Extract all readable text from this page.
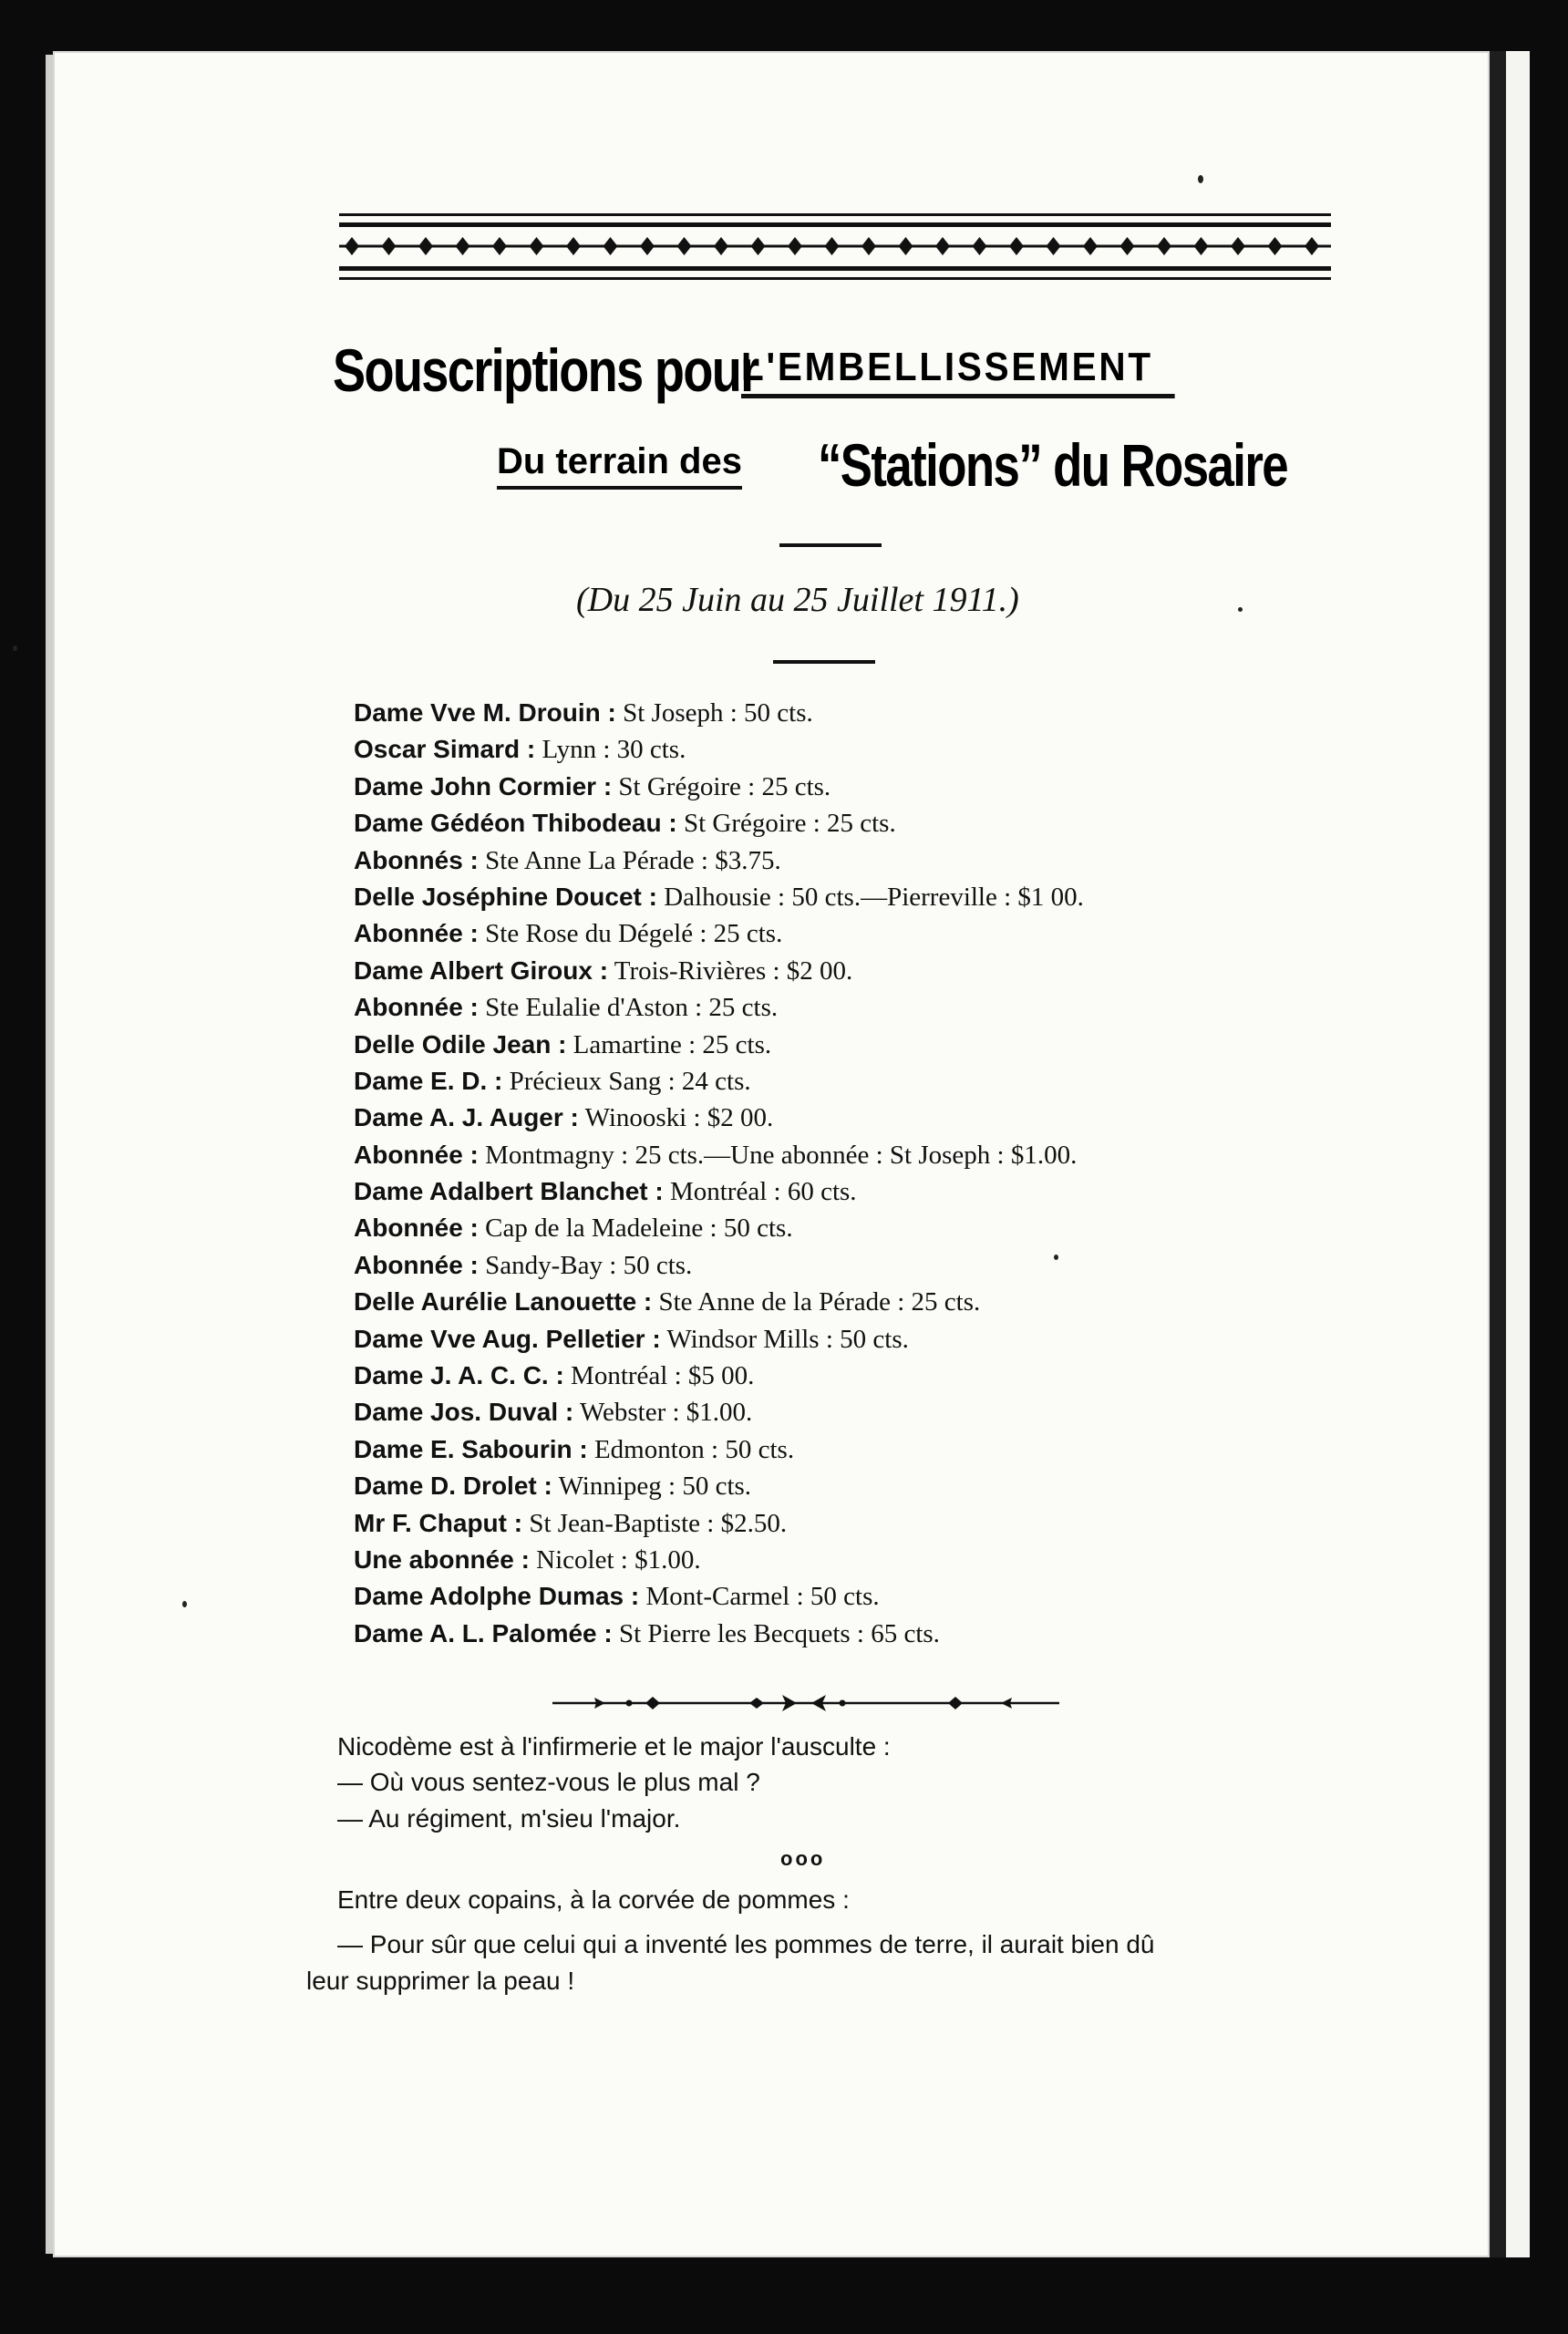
Souscriptions pour
L'EMBELLISSEMENT
Du terrain des “Stations” du Rosaire
(Du 25 Juin au 25 Juillet 1911.)
Dame Vve M. Drouin : St Joseph : 50 cts.
Oscar Simard : Lynn : 30 cts.
Dame John Cormier : St Grégoire : 25 cts.
Dame Gédéon Thibodeau : St Grégoire : 25 cts.
Abonnés : Ste Anne La Pérade : $3.75.
Delle Joséphine Doucet : Dalhousie : 50 cts.—Pierreville : $1 00.
Abonnée : Ste Rose du Dégelé : 25 cts.
Dame Albert Giroux : Trois-Rivières : $2 00.
Abonnée : Ste Eulalie d'Aston : 25 cts.
Delle Odile Jean : Lamartine : 25 cts.
Dame E. D. : Précieux Sang : 24 cts.
Dame A. J. Auger : Winooski : $2 00.
Abonnée : Montmagny : 25 cts.—Une abonnée : St Joseph : $1.00.
Dame Adalbert Blanchet : Montréal : 60 cts.
Abonnée : Cap de la Madeleine : 50 cts.
Abonnée : Sandy-Bay : 50 cts.
Delle Aurélie Lanouette : Ste Anne de la Pérade : 25 cts.
Dame Vve Aug. Pelletier : Windsor Mills : 50 cts.
Dame J. A. C. C. : Montréal : $5 00.
Dame Jos. Duval : Webster : $1.00.
Dame E. Sabourin : Edmonton : 50 cts.
Dame D. Drolet : Winnipeg : 50 cts.
Mr F. Chaput : St Jean-Baptiste : $2.50.
Une abonnée : Nicolet : $1.00.
Dame Adolphe Dumas : Mont-Carmel : 50 cts.
Dame A. L. Palomée : St Pierre les Becquets : 65 cts.
Nicodème est à l'infirmerie et le major l'ausculte :
— Où vous sentez-vous le plus mal ?
— Au régiment, m'sieu l'major.
ooo
Entre deux copains, à la corvée de pommes :
— Pour sûr que celui qui a inventé les pommes de terre, il aurait bien dû
leur supprimer la peau !
